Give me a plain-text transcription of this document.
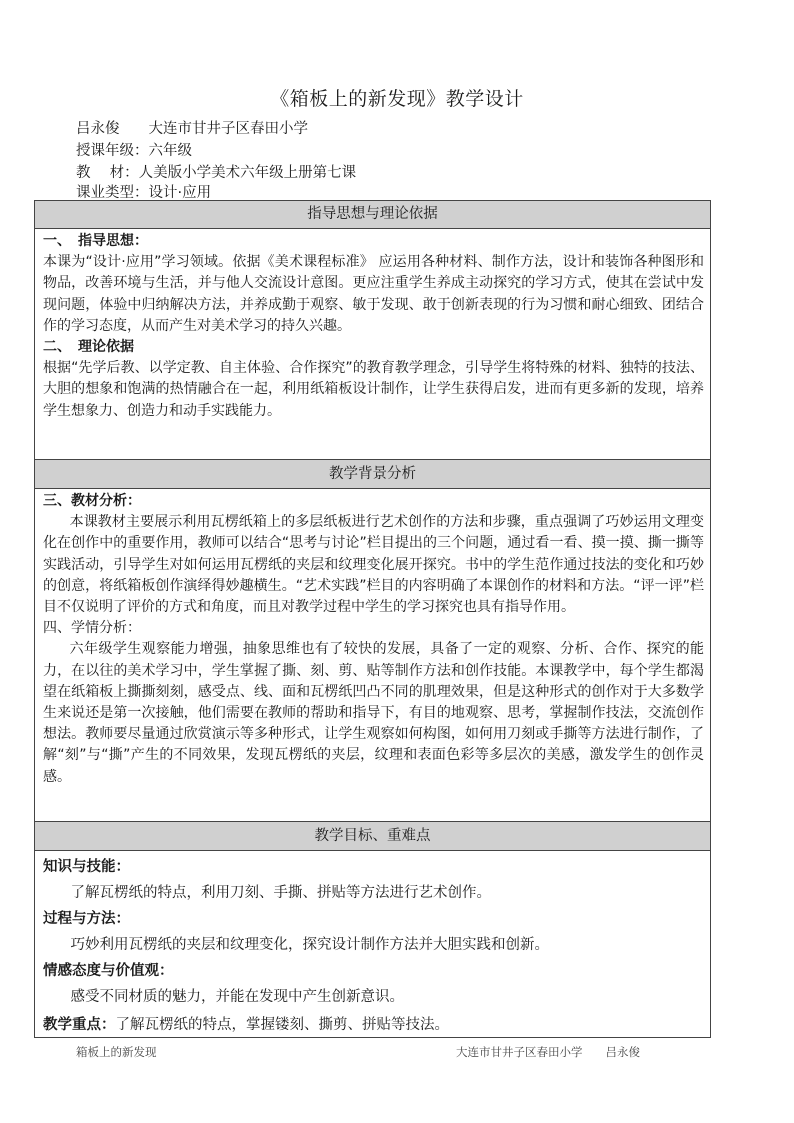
《箱板上的新发现》教学设计
吕永俊　　 大连市甘井子区春田小学
授课年级：六年级
教　 材：人美版小学美术六年级上册第七课
课业类型：设计·应用
指导思想与理论依据

一、　指导思想：

本课为“设计·应用”学习领域。依据《美术课程标准》 应运用各种材料、制作方法，设计和装饰各种图形和物品，改善环境与生活，并与他人交流设计意图。更应注重学生养成主动探究的学习方式，使其在尝试中发现问题，体验中归纳解决方法，并养成勤于观察、敏于发现、敢于创新表现的行为习惯和耐心细致、团结合作的学习态度，从而产生对美术学习的持久兴趣。

二、　理论依据

根据“先学后教、以学定教、自主体验、合作探究”的教育教学理念，引导学生将特殊的材料、独特的技法、大胆的想象和饱满的热情融合在一起，利用纸箱板设计制作，让学生获得启发，进而有更多新的发现，培养学生想象力、创造力和动手实践能力。

教学背景分析

三、教材分析：

本课教材主要展示利用瓦楞纸箱上的多层纸板进行艺术创作的方法和步骤，重点强调了巧妙运用文理变化在创作中的重要作用，教师可以结合“思考与讨论”栏目提出的三个问题，通过看一看、摸一摸、撕一撕等实践活动，引导学生对如何运用瓦楞纸的夹层和纹理变化展开探究。书中的学生范作通过技法的变化和巧妙的创意，将纸箱板创作演绎得妙趣横生。“艺术实践”栏目的内容明确了本课创作的材料和方法。“评一评”栏目不仅说明了评价的方式和角度，而且对教学过程中学生的学习探究也具有指导作用。

四、学情分析：

六年级学生观察能力增强，抽象思维也有了较快的发展，具备了一定的观察、分析、合作、探究的能力，在以往的美术学习中，学生掌握了撕、刻、剪、贴等制作方法和创作技能。本课教学中，每个学生都渴望在纸箱板上撕撕刻刻，感受点、线、面和瓦楞纸凹凸不同的肌理效果，但是这种形式的创作对于大多数学生来说还是第一次接触，他们需要在教师的帮助和指导下，有目的地观察、思考，掌握制作技法，交流创作想法。教师要尽量通过欣赏演示等多种形式，让学生观察如何构图，如何用刀刻或手撕等方法进行制作，了解“刻”与“撕”产生的不同效果，发现瓦楞纸的夹层，纹理和表面色彩等多层次的美感，激发学生的创作灵感。

教学目标、重难点

知识与技能：

了解瓦楞纸的特点，利用刀刻、手撕、拼贴等方法进行艺术创作。

过程与方法：

巧妙利用瓦楞纸的夹层和纹理变化，探究设计制作方法并大胆实践和创新。

情感态度与价值观：

感受不同材质的魅力，并能在发现中产生创新意识。

教学重点：了解瓦楞纸的特点，掌握镂刻、撕剪、拼贴等技法。

箱板上的新发现	大连市甘井子区春田小学　　吕永俊
